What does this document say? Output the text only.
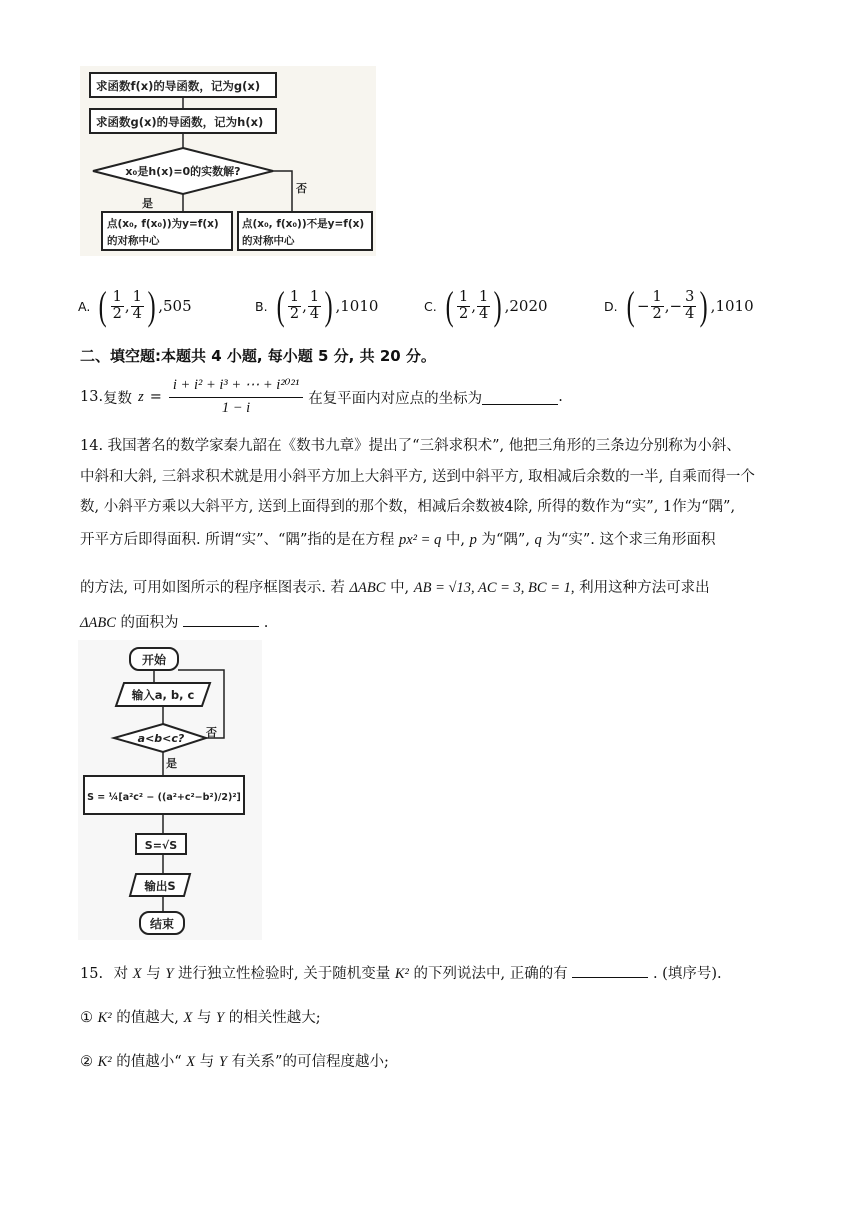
求函数f(x)的导函数，记为g(x)
求函数g(x)的导函数，记为h(x)
x₀是h(x)=0的实数解?
是
否
点(x₀, f(x₀))为y=f(x)
的对称中心
点(x₀, f(x₀))不是y=f(x)
的对称中心
A. ( $\frac{1}{2}$ , $\frac{1}{4}$ ) ,505	B. ( $\frac{1}{2}$ , $\frac{1}{4}$ ) ,1010	C. ( $\frac{1}{2}$ , $\frac{1}{4}$ ) ,2020	D. ( − $\frac{1}{2}$ , − $\frac{3}{4}$ ) ,1010
二、填空题:本题共 4 小题, 每小题 5 分, 共 20 分。
13. 复数 $z = \frac{\text{i + i² + i³ + ⋯ + i²⁰²¹}}{1 - i}$ 在复平面内对应点的坐标为	.
14. 我国著名的数学家秦九韶在《数书九章》提出了“三斜求积术”, 他把三角形的三条边分别称为小斜、
中斜和大斜, 三斜求积术就是用小斜平方加上大斜平方, 送到中斜平方, 取相减后余数的一半, 自乘而得一个
数, 小斜平方乘以大斜平方, 送到上面得到的那个数，相减后余数被4除, 所得的数作为“实”, 1作为“隅”,
开平方后即得面积. 所谓“实”、“隅”指的是在方程 px² = q 中, p 为“隅”, q 为“实”. 这个求三角形面积
的方法, 可用如图所示的程序框图表示. 若 ΔABC 中, AB = √13, AC = 3, BC = 1, 利用这种方法可求出
ΔABC 的面积为	.
开始
输入a, b, c
a<b<c? 否
是
S = ¼[a²c² − ((a²+c²−b²)/2)²]
S=√S
输出S
结束
15. 对 X 与 Y 进行独立性检验时, 关于随机变量 K² 的下列说法中, 正确的有	. (填序号).
① K² 的值越大, X 与 Y 的相关性越大;
② K² 的值越小“ X 与 Y 有关系”的可信程度越小;
